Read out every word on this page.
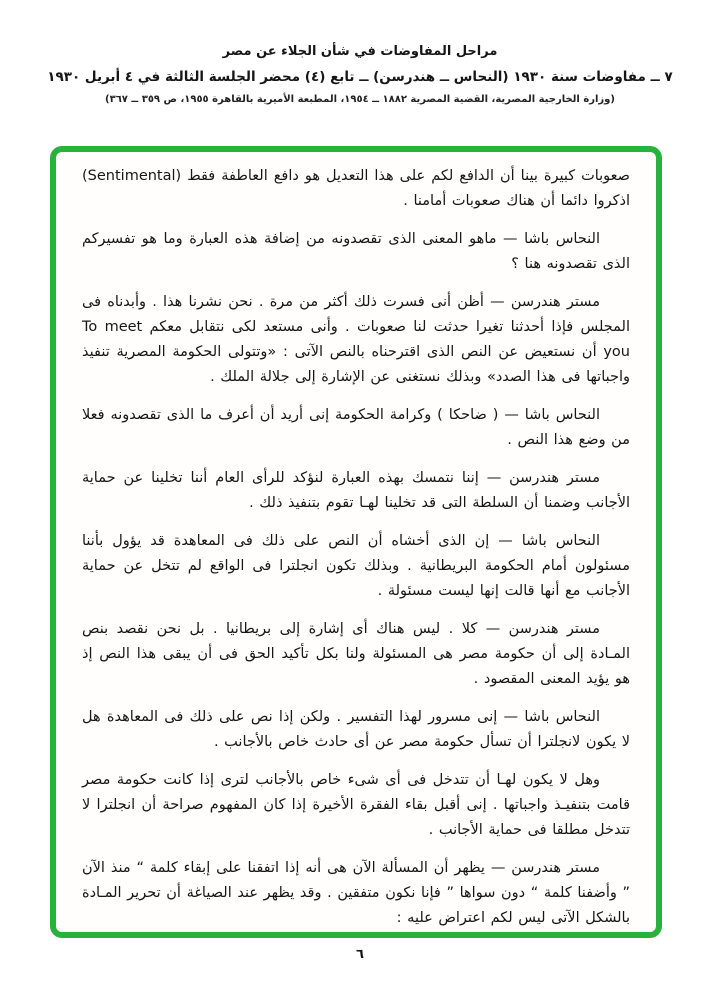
مراحل المفاوضات في شأن الجلاء عن مصر
٧ ــ مفاوضات سنة ١٩٣٠ (النحاس ــ هندرسن) ــ تابع (٤) محضر الجلسة الثالثة في ٤ أبريل ١٩٣٠
(وزارة الخارجية المصرية، القضية المصرية ١٨٨٢ ــ ١٩٥٤، المطبعة الأميرية بالقاهرة ١٩٥٥، ص ٣٥٩ ــ ٣٦٧)

صعوبات كبيرة بينا أن الدافع لكم على هذا التعديل هو دافع العاطفة فقط (Sentimental) اذكروا دائما أن هناك صعوبات أمامنا .

النحاس باشا — ماهو المعنى الذى تقصدونه من إضافة هذه العبارة وما هو تفسيركم الذى تقصدونه هنا ؟

مستر هندرسن — أظن أنى فسرت ذلك أكثر من مرة . نحن نشرنا هذا . وأبدناه فى المجلس فإذا أحدثنا تغيرا حدثت لنا صعوبات . وأنى مستعد لكى نتقابل معكم To meet you أن نستعيض عن النص الذى اقترحناه بالنص الآتى : «وتتولى الحكومة المصرية تنفيذ واجباتها فى هذا الصدد» وبذلك نستغنى عن الإشارة إلى جلالة الملك .

النحاس باشا — ( ضاحكا ) وكرامة الحكومة إنى أريد أن أعرف ما الذى تقصدونه فعلا من وضع هذا النص .

مستر هندرسن — إننا نتمسك بهذه العبارة لنؤكد للرأى العام أننا تخلينا عن حماية الأجانب وضمنا أن السلطة التى قد تخلينا لهـا تقوم بتنفيذ ذلك .

النحاس باشا — إن الذى أخشاه أن النص على ذلك فى المعاهدة قد يؤول بأننا مسئولون أمام الحكومة البريطانية . وبذلك تكون انجلترا فى الواقع لم تتخل عن حماية الأجانب مع أنها قالت إنها ليست مسئولة .

مستر هندرسن — كلا . ليس هناك أى إشارة إلى بريطانيا . بل نحن نقصد بنص المـادة إلى أن حكومة مصر هى المسئولة ولنا بكل تأكيد الحق فى أن يبقى هذا النص إذ هو يؤيد المعنى المقصود .

النحاس باشا — إنى مسرور لهذا التفسير . ولكن إذا نص على ذلك فى المعاهدة هل لا يكون لانجلترا أن تسأل حكومة مصر عن أى حادث خاص بالأجانب .

وهل لا يكون لهـا أن تتدخل فى أى شىء خاص بالأجانب لترى إذا كانت حكومة مصر قامت بتنفيـذ واجباتها . إنى أقبل بقاء الفقرة الأخيرة إذا كان المفهوم صراحة أن انجلترا لا تتدخل مطلقا فى حماية الأجانب .

مستر هندرسن — يظهر أن المسألة الآن هى أنه إذا اتفقنا على إبقاء كلمة “ منذ الآن ” وأضفنا كلمة “ دون سواها ” فإنا نكون متفقين . وقد يظهر عند الصياغة أن تحرير المـادة بالشكل الآتى ليس لكم اعتراض عليه :

٦
